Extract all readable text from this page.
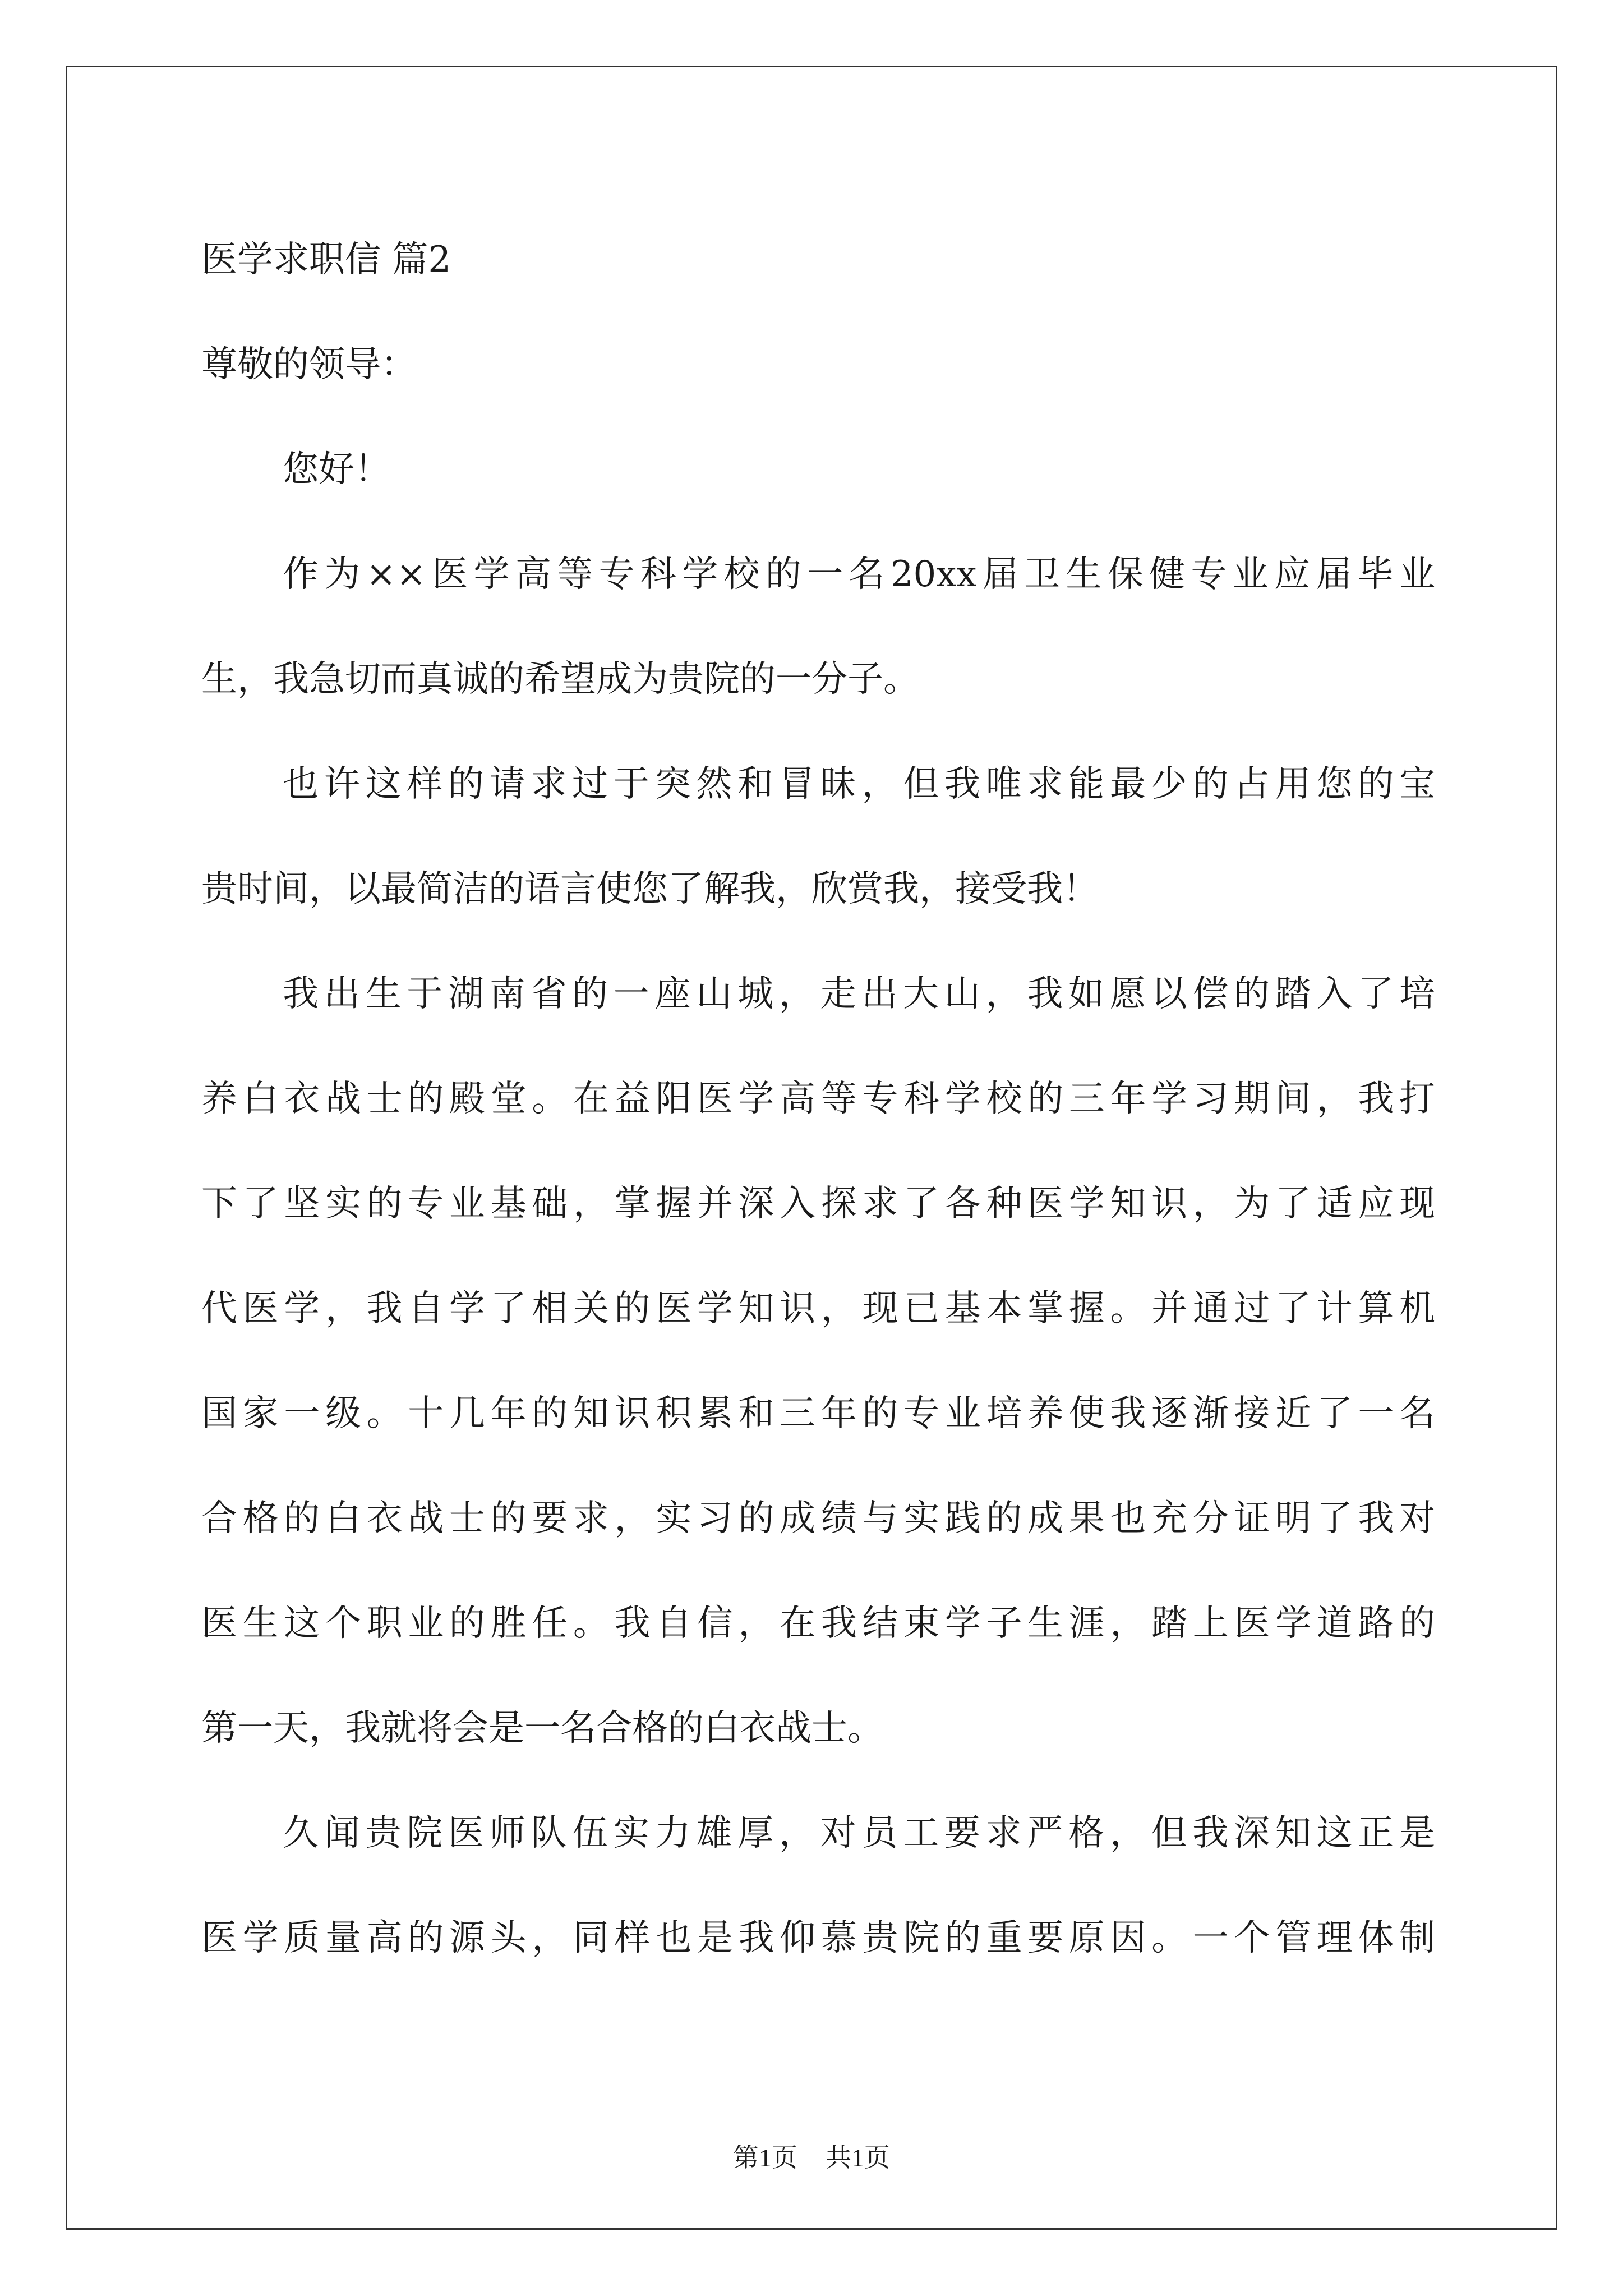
医学求职信 篇2
尊敬的领导：
您好！
作为××医学高等专科学校的一名20xx届卫生保健专业应届毕业
生，我急切而真诚的希望成为贵院的一分子。
也许这样的请求过于突然和冒昧，但我唯求能最少的占用您的宝
贵时间，以最简洁的语言使您了解我，欣赏我，接受我！
我出生于湖南省的一座山城，走出大山，我如愿以偿的踏入了培
养白衣战士的殿堂。在益阳医学高等专科学校的三年学习期间，我打
下了坚实的专业基础，掌握并深入探求了各种医学知识，为了适应现
代医学，我自学了相关的医学知识，现已基本掌握。并通过了计算机
国家一级。十几年的知识积累和三年的专业培养使我逐渐接近了一名
合格的白衣战士的要求，实习的成绩与实践的成果也充分证明了我对
医生这个职业的胜任。我自信，在我结束学子生涯，踏上医学道路的
第一天，我就将会是一名合格的白衣战士。
久闻贵院医师队伍实力雄厚，对员工要求严格，但我深知这正是
医学质量高的源头，同样也是我仰慕贵院的重要原因。一个管理体制
第1页 共1页
